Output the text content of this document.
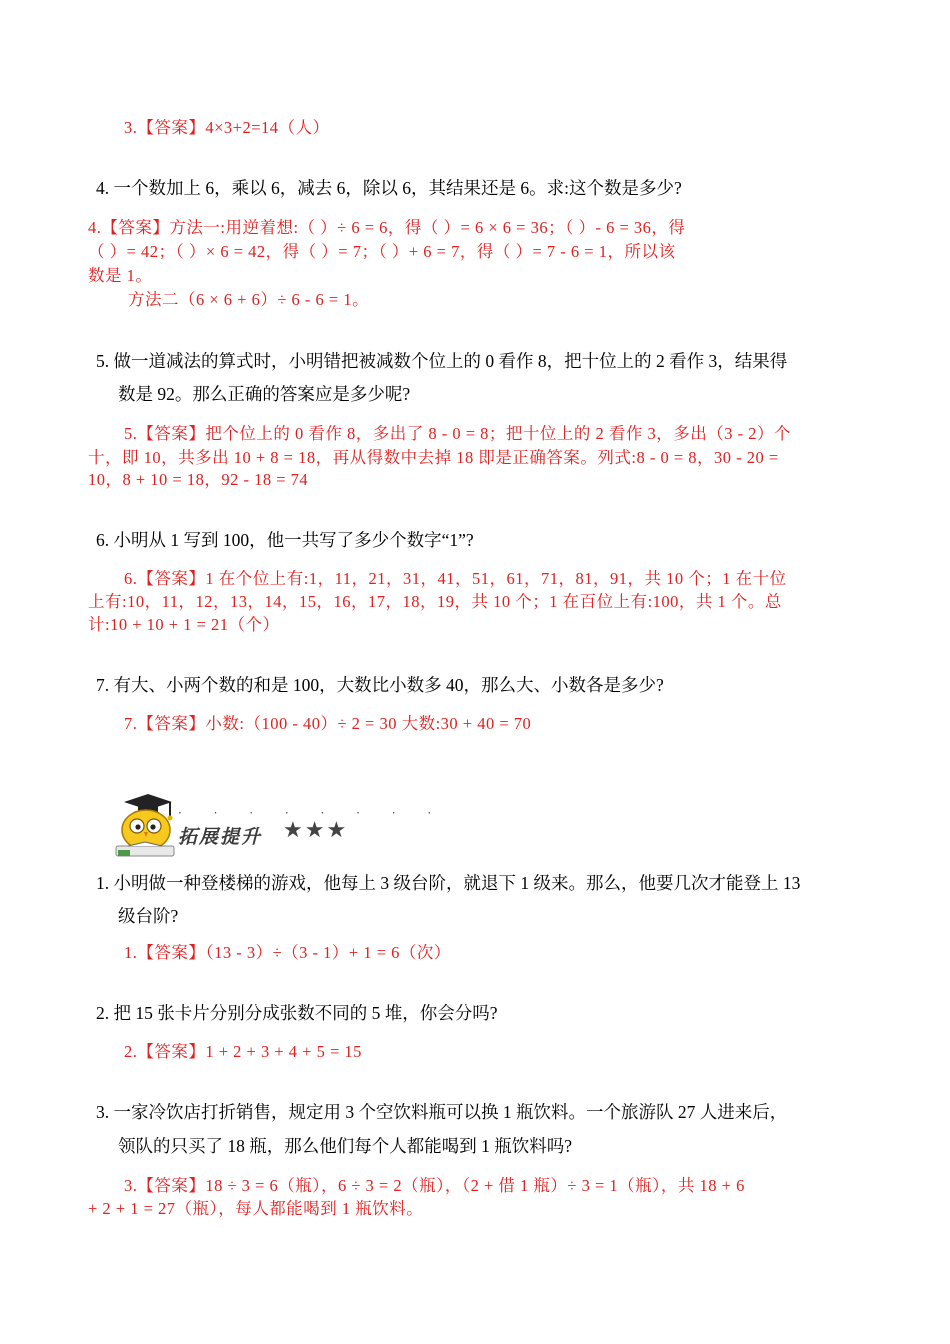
3.【答案】4×3+2=14（人）
4. 一个数加上 6，乘以 6，减去 6，除以 6，其结果还是 6。求:这个数是多少?
4.【答案】方法一:用逆着想:（ ）÷ 6 = 6，得（ ）= 6 × 6 = 36；（ ）- 6 = 36，得
（ ）= 42；（ ）× 6 = 42，得（ ）= 7；（ ）+ 6 = 7，得（ ）= 7 - 6 = 1，所以该
数是 1。
方法二（6 × 6 + 6）÷ 6 - 6 = 1。
5. 做一道减法的算式时，小明错把被减数个位上的 0 看作 8，把十位上的 2 看作 3，结果得
数是 92。那么正确的答案应是多少呢?
5.【答案】把个位上的 0 看作 8，多出了 8 - 0 = 8；把十位上的 2 看作 3，多出（3 - 2）个
十，即 10，共多出 10 + 8 = 18，再从得数中去掉 18 即是正确答案。列式:8 - 0 = 8，30 - 20 =
10，8 + 10 = 18，92 - 18 = 74
6. 小明从 1 写到 100，他一共写了多少个数字“1”?
6.【答案】1 在个位上有:1，11，21，31，41，51，61，71，81，91，共 10 个；1 在十位
上有:10，11，12，13，14，15，16，17，18，19，共 10 个；1 在百位上有:100，共 1 个。总
计:10 + 10 + 1 = 21（个）
7. 有大、小两个数的和是 100，大数比小数多 40，那么大、小数各是多少?
7.【答案】小数:（100 - 40）÷ 2 = 30 大数:30 + 40 = 70
· · · · · · · ·
拓展提升 ★★★
1. 小明做一种登楼梯的游戏，他每上 3 级台阶，就退下 1 级来。那么，他要几次才能登上 13
级台阶?
1.【答案】（13 - 3）÷（3 - 1）+ 1 = 6（次）
2. 把 15 张卡片分别分成张数不同的 5 堆，你会分吗?
2.【答案】1 + 2 + 3 + 4 + 5 = 15
3. 一家冷饮店打折销售，规定用 3 个空饮料瓶可以换 1 瓶饮料。一个旅游队 27 人进来后，
领队的只买了 18 瓶，那么他们每个人都能喝到 1 瓶饮料吗?
3.【答案】18 ÷ 3 = 6（瓶），6 ÷ 3 = 2（瓶），（2 + 借 1 瓶）÷ 3 = 1（瓶），共 18 + 6
+ 2 + 1 = 27（瓶），每人都能喝到 1 瓶饮料。
